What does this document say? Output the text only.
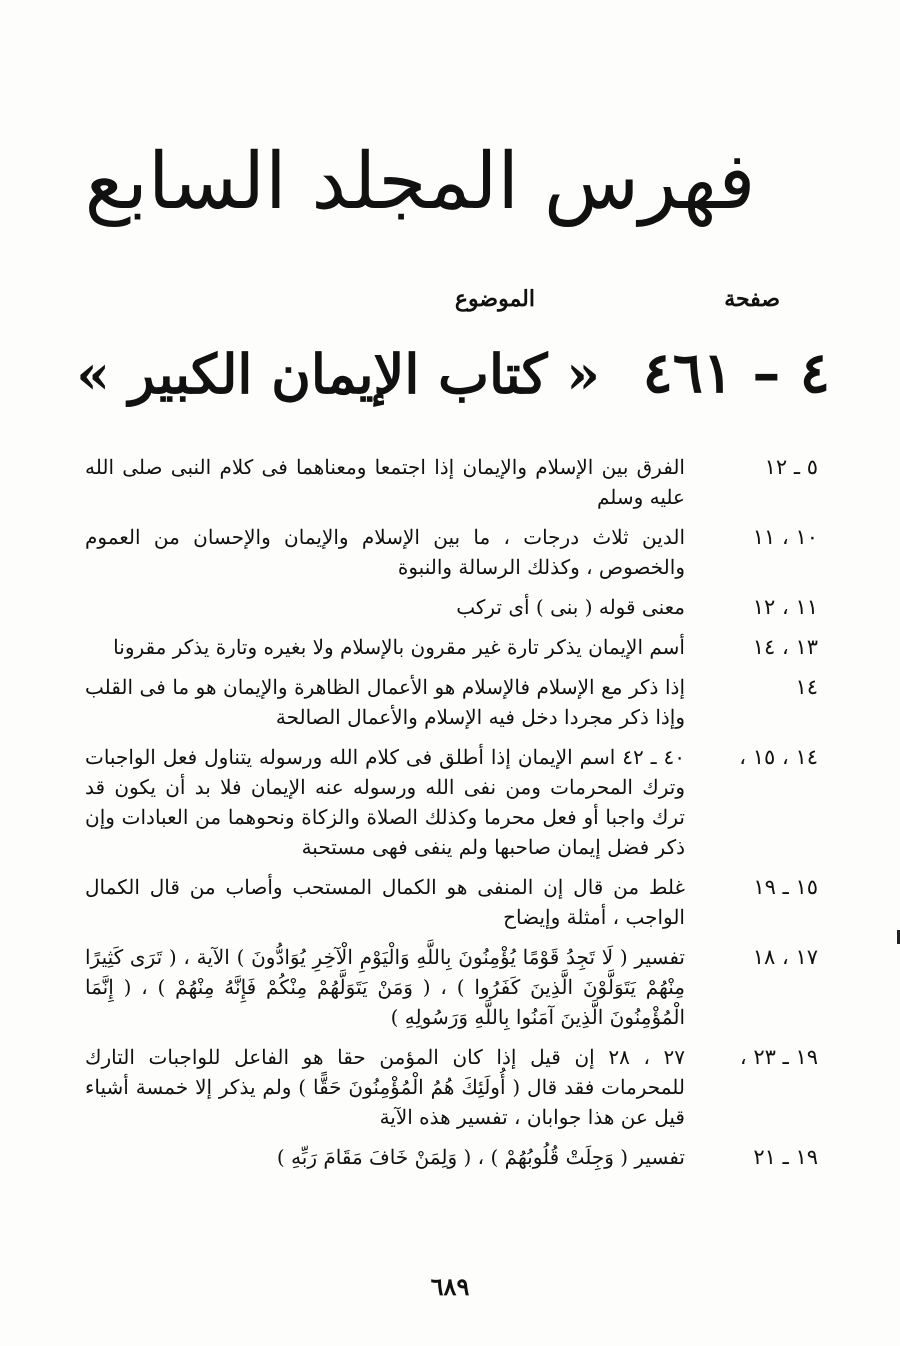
فهرس المجلد السابع
صفحة
الموضوع
٤ – ٤٦١
« كتاب الإيمان الكبير »
٥ ـ ١٢
الفرق بين الإسلام والإيمان إذا اجتمعا ومعناهما فى كلام النبى صلى الله عليه وسلم
١٠ ، ١١
الدين ثلاث درجات ، ما بين الإسلام والإيمان والإحسان من العموم والخصوص ، وكذلك الرسالة والنبوة
١١ ، ١٢
معنى قوله ( بنى ) أى تركب
١٣ ، ١٤
أسم الإيمان يذكر تارة غير مقرون بالإسلام ولا بغيره وتارة يذكر مقرونا
١٤
إذا ذكر مع الإسلام فالإسلام هو الأعمال الظاهرة والإيمان هو ما فى القلب وإذا ذكر مجردا دخل فيه الإسلام والأعمال الصالحة
١٤ ، ١٥ ،
٤٠ ـ ٤٢ اسم الإيمان إذا أطلق فى كلام الله ورسوله يتناول فعل الواجبات وترك المحرمات ومن نفى الله ورسوله عنه الإيمان فلا بد أن يكون قد ترك واجبا أو فعل محرما وكذلك الصلاة والزكاة ونحوهما من العبادات وإن ذكر فضل إيمان صاحبها ولم ينفى فهى مستحبة
١٥ ـ ١٩
غلط من قال إن المنفى هو الكمال المستحب وأصاب من قال الكمال الواجب ، أمثلة وإيضاح
١٧ ، ١٨
تفسير ( لَا تَجِدُ قَوْمًا يُؤْمِنُونَ بِاللَّهِ وَالْيَوْمِ الْآخِرِ يُوَادُّونَ ) الآية ، ( تَرَى كَثِيرًا مِنْهُمْ يَتَوَلَّوْنَ الَّذِينَ كَفَرُوا ) ، ( وَمَنْ يَتَوَلَّهُمْ مِنْكُمْ فَإِنَّهُ مِنْهُمْ ) ، ( إِنَّمَا الْمُؤْمِنُونَ الَّذِينَ آمَنُوا بِاللَّهِ وَرَسُولِهِ )
١٩ ـ ٢٣ ،
٢٧ ، ٢٨ إن قيل إذا كان المؤمن حقا هو الفاعل للواجبات التارك للمحرمات فقد قال ( أُولَئِكَ هُمُ الْمُؤْمِنُونَ حَقًّا ) ولم يذكر إلا خمسة أشياء قيل عن هذا جوابان ، تفسير هذه الآية
١٩ ـ ٢١
تفسير ( وَجِلَتْ قُلُوبُهُمْ ) ، ( وَلِمَنْ خَافَ مَقَامَ رَبِّهِ )
٦٨٩
